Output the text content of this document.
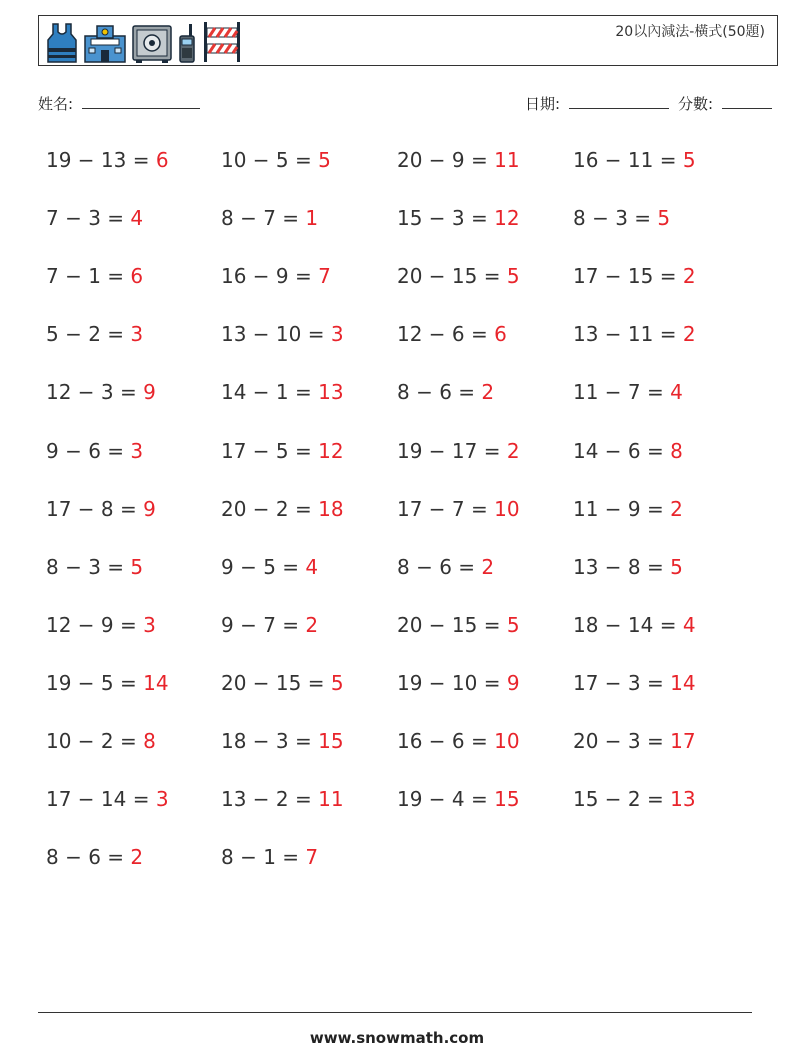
20以內減法-橫式(50題)
姓名:	日期:	分數:
19 − 13 = 6	10 − 5 = 5	20 − 9 = 11	16 − 11 = 5
7 − 3 = 4	8 − 7 = 1	15 − 3 = 12	8 − 3 = 5
7 − 1 = 6	16 − 9 = 7	20 − 15 = 5	17 − 15 = 2
5 − 2 = 3	13 − 10 = 3	12 − 6 = 6	13 − 11 = 2
12 − 3 = 9	14 − 1 = 13	8 − 6 = 2	11 − 7 = 4
9 − 6 = 3	17 − 5 = 12	19 − 17 = 2	14 − 6 = 8
17 − 8 = 9	20 − 2 = 18	17 − 7 = 10	11 − 9 = 2
8 − 3 = 5	9 − 5 = 4	8 − 6 = 2	13 − 8 = 5
12 − 9 = 3	9 − 7 = 2	20 − 15 = 5	18 − 14 = 4
19 − 5 = 14	20 − 15 = 5	19 − 10 = 9	17 − 3 = 14
10 − 2 = 8	18 − 3 = 15	16 − 6 = 10	20 − 3 = 17
17 − 14 = 3	13 − 2 = 11	19 − 4 = 15	15 − 2 = 13
8 − 6 = 2	8 − 1 = 7
www.snowmath.com
